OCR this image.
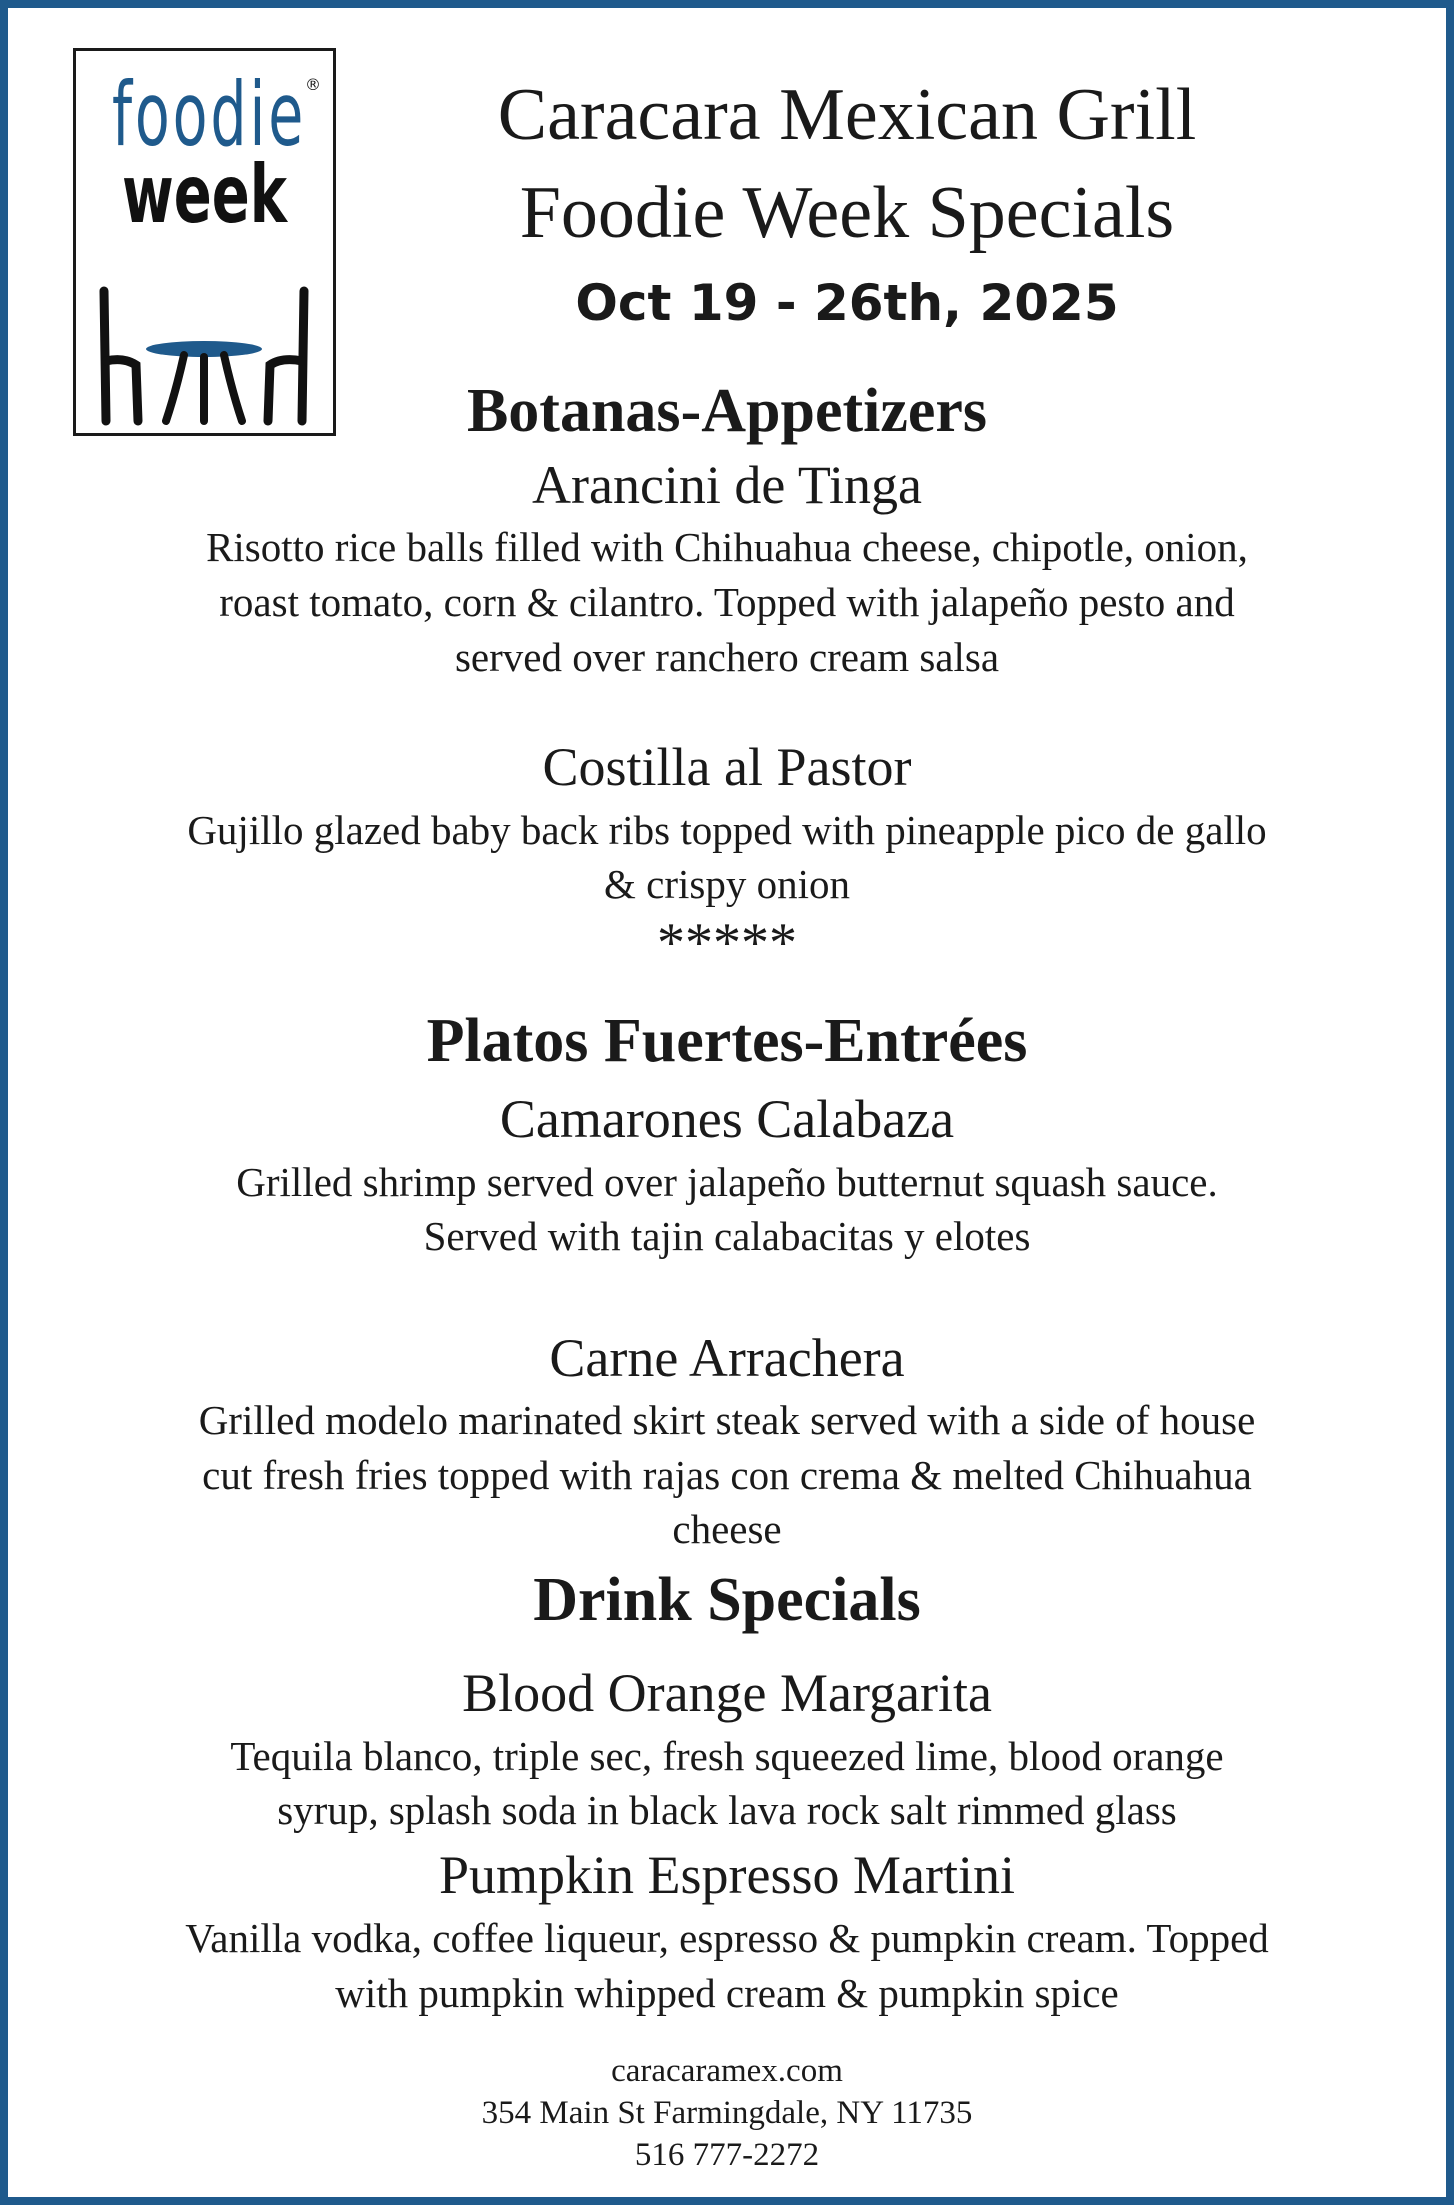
foodie
®
week
Caracara Mexican Grill
Foodie Week Specials
Oct 19 - 26th, 2025
Botanas-Appetizers
Arancini de Tinga
Risotto rice balls filled with Chihuahua cheese, chipotle, onion,
roast tomato, corn & cilantro. Topped with jalapeño pesto and
served over ranchero cream salsa
Costilla al Pastor
Gujillo glazed baby back ribs topped with pineapple pico de gallo
& crispy onion
*****
Platos Fuertes-Entrées
Camarones Calabaza
Grilled shrimp served over jalapeño butternut squash sauce.
Served with tajin calabacitas y elotes
Carne Arrachera
Grilled modelo marinated skirt steak served with a side of house
cut fresh fries topped with rajas con crema & melted Chihuahua
cheese
Drink Specials
Blood Orange Margarita
Tequila blanco, triple sec, fresh squeezed lime, blood orange
syrup, splash soda in black lava rock salt rimmed glass
Pumpkin Espresso Martini
Vanilla vodka, coffee liqueur, espresso & pumpkin cream. Topped
with pumpkin whipped cream & pumpkin spice
caracaramex.com
354 Main St Farmingdale, NY 11735
516 777-2272
